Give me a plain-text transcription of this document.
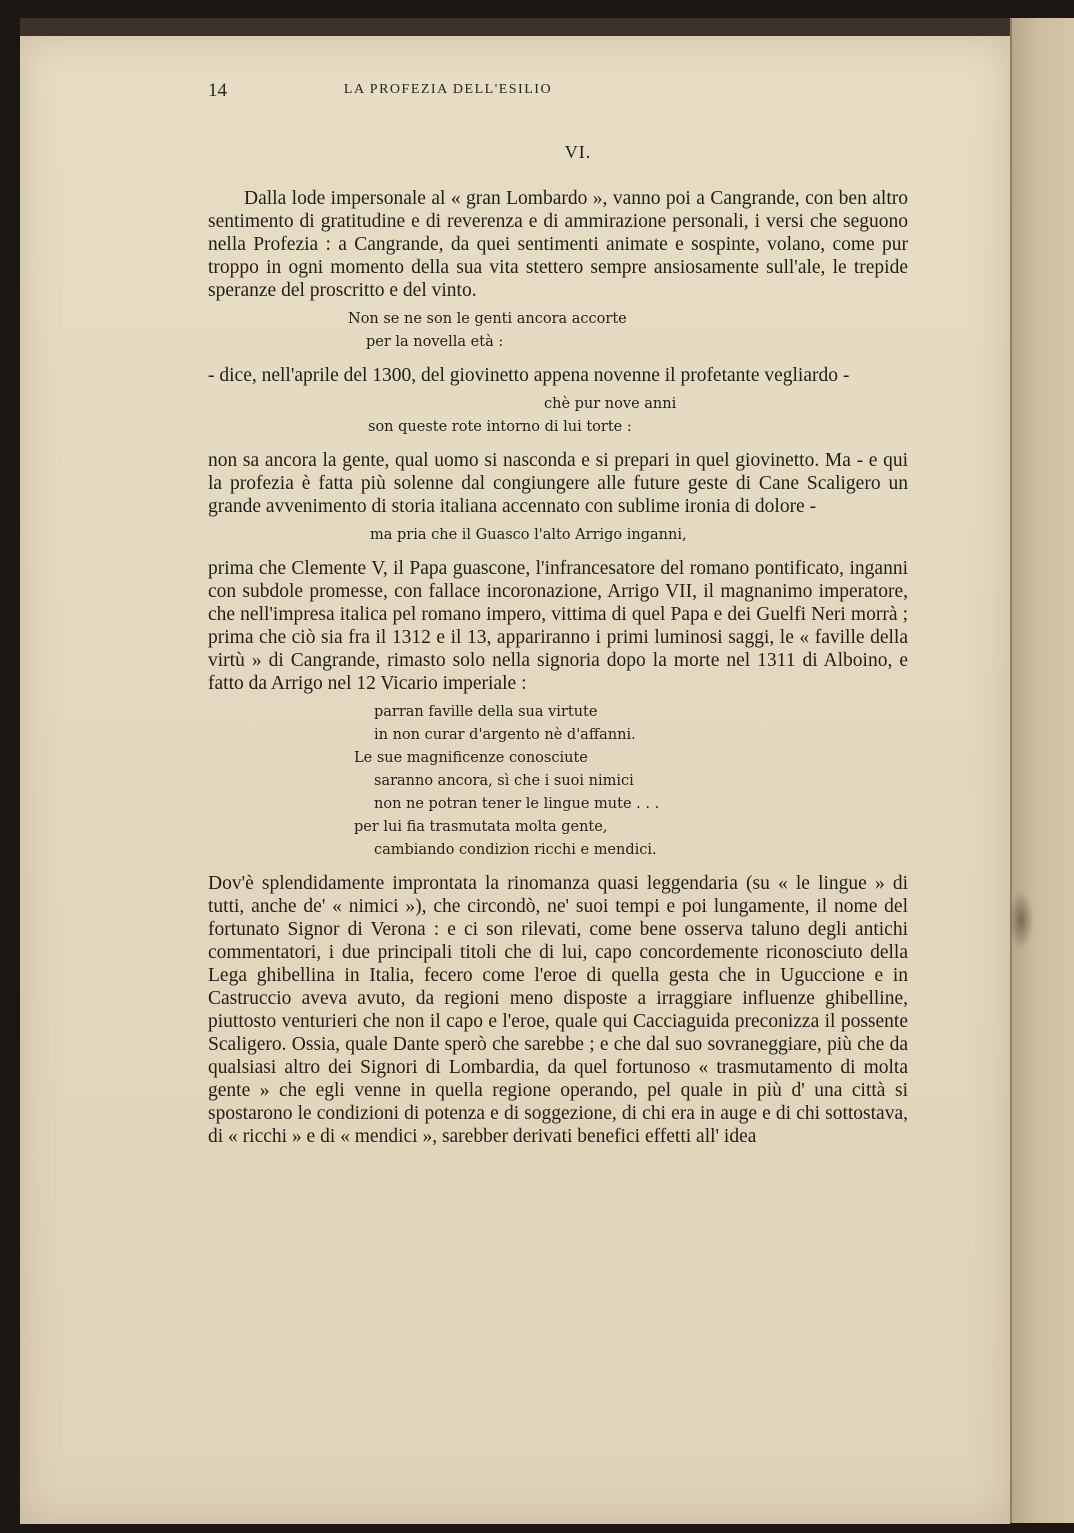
14	LA PROFEZIA DELL'ESILIO
VI.

Dalla lode impersonale al « gran Lombardo », vanno poi a Cangrande, con ben altro sentimento di gratitudine e di reverenza e di ammirazione personali, i versi che seguono nella Profezia : a Cangrande, da quei sentimenti animate e sospinte, volano, come pur troppo in ogni momento della sua vita stettero sempre ansiosamente sull'ale, le trepide speranze del proscritto e del vinto.

Non se ne son le genti ancora accorte
per la novella età :

- dice, nell'aprile del 1300, del giovinetto appena novenne il profetante vegliardo -

chè pur nove anni
son queste rote intorno di lui torte :

non sa ancora la gente, qual uomo si nasconda e si prepari in quel giovinetto. Ma - e qui la profezia è fatta più solenne dal congiungere alle future geste di Cane Scaligero un grande avvenimento di storia italiana accennato con sublime ironia di dolore -

ma pria che il Guasco l'alto Arrigo inganni,

prima che Clemente V, il Papa guascone, l'infrancesatore del romano pontificato, inganni con subdole promesse, con fallace incoronazione, Arrigo VII, il magnanimo imperatore, che nell'impresa italica pel romano impero, vittima di quel Papa e dei Guelfi Neri morrà ; prima che ciò sia fra il 1312 e il 13, appariranno i primi luminosi saggi, le « faville della virtù » di Cangrande, rimasto solo nella signoria dopo la morte nel 1311 di Alboino, e fatto da Arrigo nel 12 Vicario imperiale :

parran faville della sua virtute
in non curar d'argento nè d'affanni.
Le sue magnificenze conosciute
saranno ancora, sì che i suoi nimici
non ne potran tener le lingue mute . . .
per lui fia trasmutata molta gente,
cambiando condizion ricchi e mendici.

Dov'è splendidamente improntata la rinomanza quasi leggendaria (su « le lingue » di tutti, anche de' « nimici »), che circondò, ne' suoi tempi e poi lungamente, il nome del fortunato Signor di Verona : e ci son rilevati, come bene osserva taluno degli antichi commentatori, i due principali titoli che di lui, capo concordemente riconosciuto della Lega ghibellina in Italia, fecero come l'eroe di quella gesta che in Uguccione e in Castruccio aveva avuto, da regioni meno disposte a irraggiare influenze ghibelline, piuttosto venturieri che non il capo e l'eroe, quale qui Cacciaguida preconizza il possente Scaligero. Ossia, quale Dante sperò che sarebbe ; e che dal suo sovraneggiare, più che da qualsiasi altro dei Signori di Lombardia, da quel fortunoso « trasmutamento di molta gente » che egli venne in quella regione operando, pel quale in più d' una città si spostarono le condizioni di potenza e di soggezione, di chi era in auge e di chi sottostava, di « ricchi » e di « mendici », sarebber derivati benefici effetti all' idea
